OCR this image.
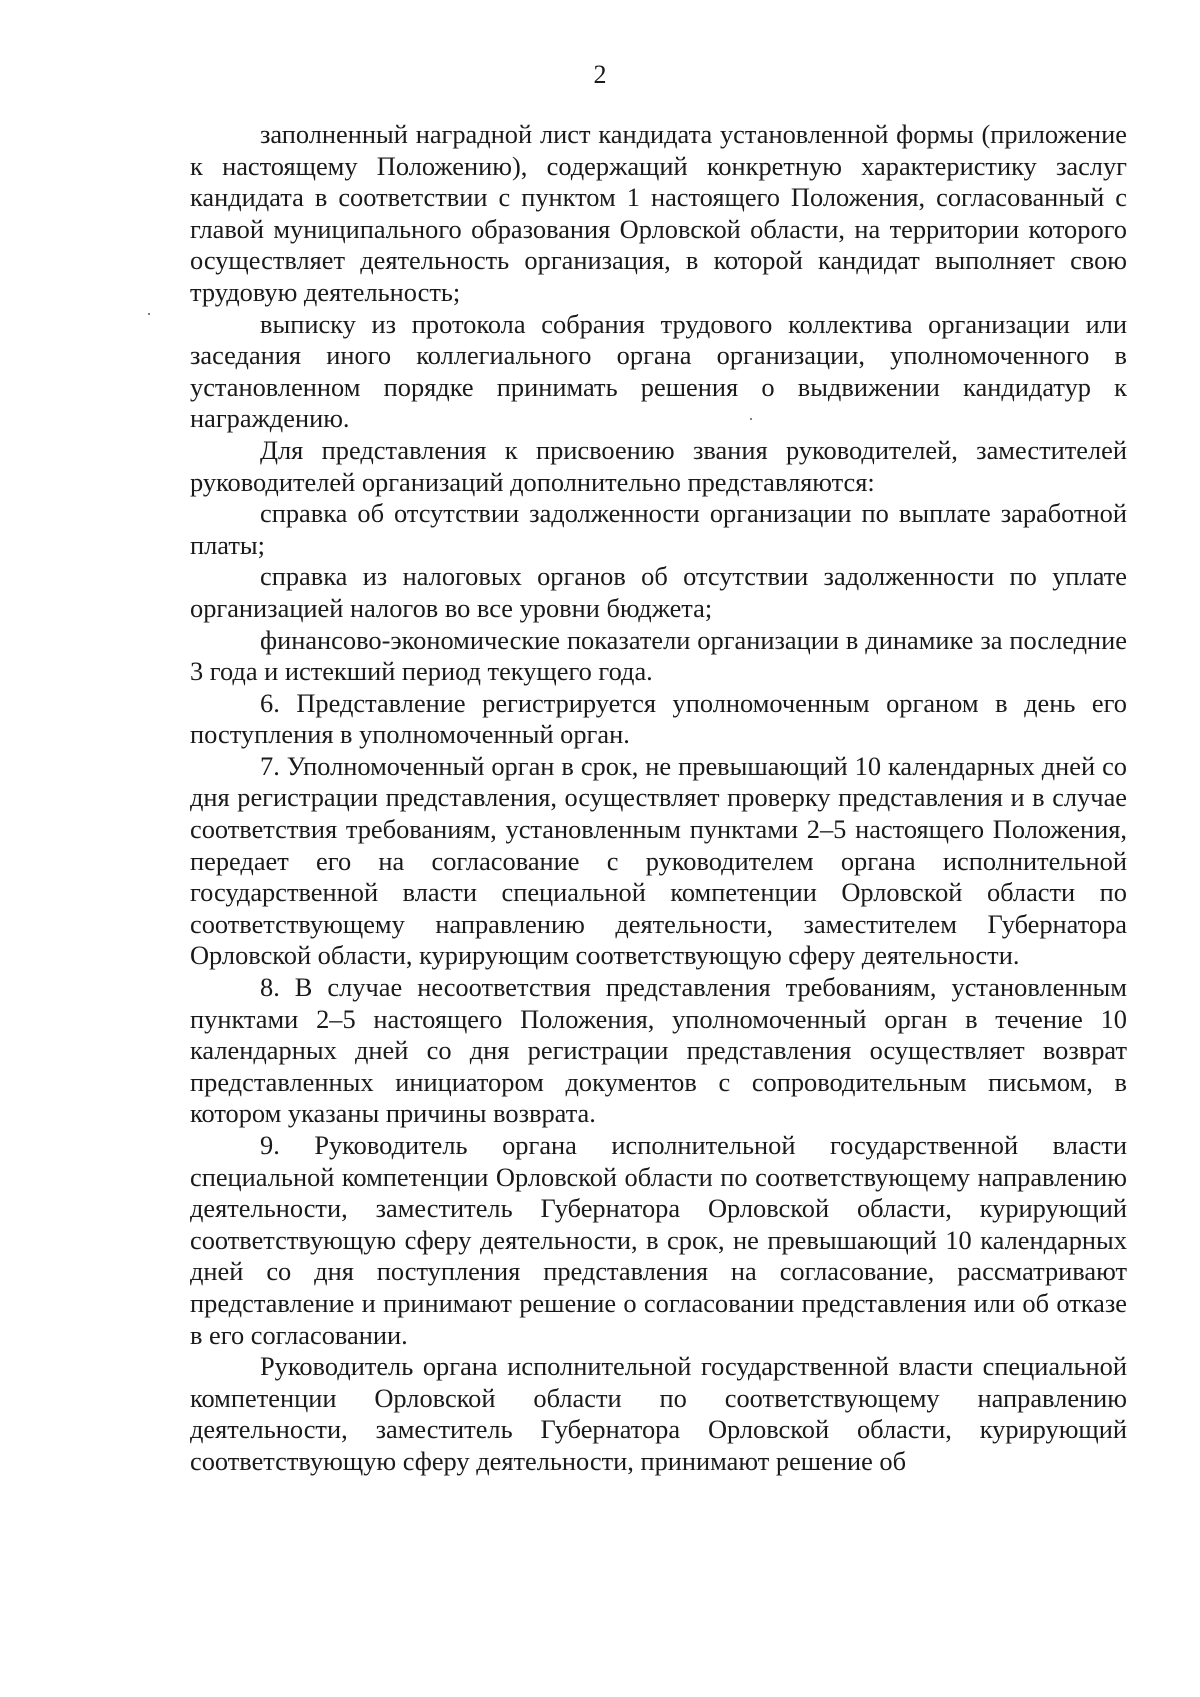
2

заполненный наградной лист кандидата установленной формы (приложение к настоящему Положению), содержащий конкретную характеристику заслуг кандидата в соответствии с пунктом 1 настоящего Положения, согласованный с главой муниципального образования Орловской области, на территории которого осуществляет деятельность организация, в которой кандидат выполняет свою трудовую деятельность;

выписку из протокола собрания трудового коллектива организации или заседания иного коллегиального органа организации, уполномоченного в установленном порядке принимать решения о выдвижении кандидатур к награждению.

Для представления к присвоению звания руководителей, заместителей руководителей организаций дополнительно представляются:

справка об отсутствии задолженности организации по выплате заработной платы;

справка из налоговых органов об отсутствии задолженности по уплате организацией налогов во все уровни бюджета;

финансово-экономические показатели организации в динамике за последние 3 года и истекший период текущего года.

6. Представление регистрируется уполномоченным органом в день его поступления в уполномоченный орган.

7. Уполномоченный орган в срок, не превышающий 10 календарных дней со дня регистрации представления, осуществляет проверку представления и в случае соответствия требованиям, установленным пунктами 2–5 настоящего Положения, передает его на согласование с руководителем органа исполнительной государственной власти специальной компетенции Орловской области по соответствующему направлению деятельности, заместителем Губернатора Орловской области, курирующим соответствующую сферу деятельности.

8. В случае несоответствия представления требованиям, установленным пунктами 2–5 настоящего Положения, уполномоченный орган в течение 10 календарных дней со дня регистрации представления осуществляет возврат представленных инициатором документов с сопроводительным письмом, в котором указаны причины возврата.

9. Руководитель органа исполнительной государственной власти специальной компетенции Орловской области по соответствующему направлению деятельности, заместитель Губернатора Орловской области, курирующий соответствующую сферу деятельности, в срок, не превышающий 10 календарных дней со дня поступления представления на согласование, рассматривают представление и принимают решение о согласовании представления или об отказе в его согласовании.

Руководитель органа исполнительной государственной власти специальной компетенции Орловской области по соответствующему направлению деятельности, заместитель Губернатора Орловской области, курирующий соответствующую сферу деятельности, принимают решение об
